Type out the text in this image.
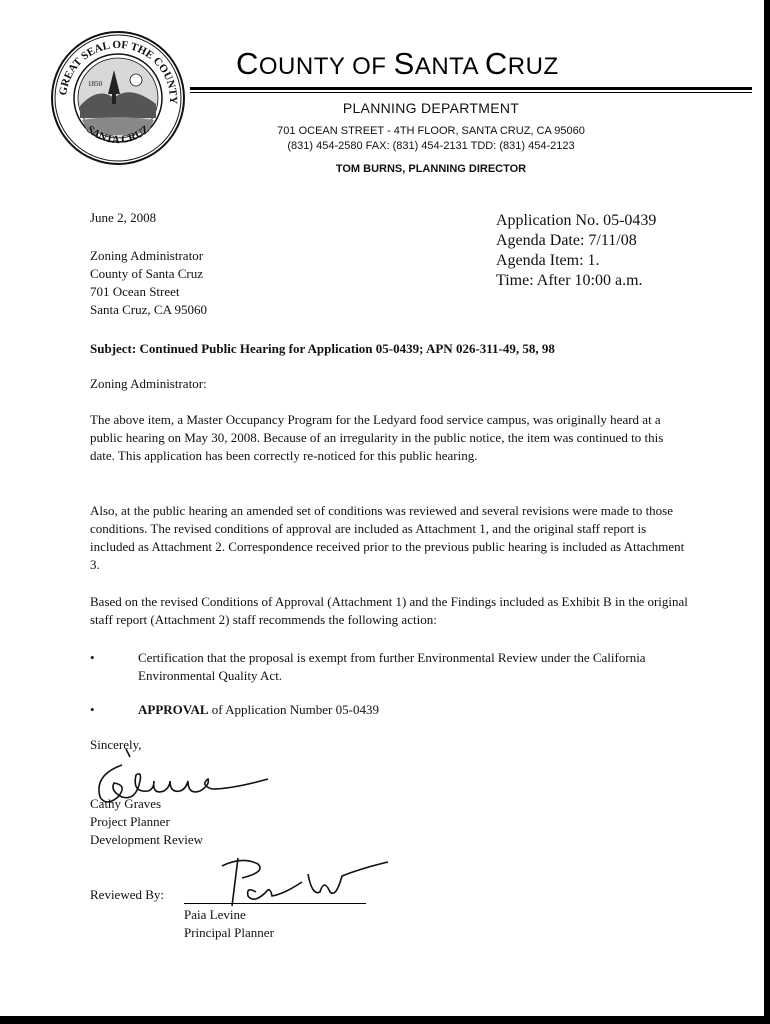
1850
GREAT SEAL OF THE COUNTY
SANTA CRUZ
COUNTY OF SANTA CRUZ
PLANNING DEPARTMENT
701 OCEAN STREET - 4TH FLOOR, SANTA CRUZ, CA 95060
(831) 454-2580 FAX: (831) 454-2131 TDD: (831) 454-2123
TOM BURNS, PLANNING DIRECTOR
June 2, 2008
Zoning Administrator
County of Santa Cruz
701 Ocean Street
Santa Cruz, CA 95060
Application No. 05-0439
Agenda Date: 7/11/08
Agenda Item: 1.
Time: After 10:00 a.m.
Subject: Continued Public Hearing for Application 05-0439; APN 026-311-49, 58, 98
Zoning Administrator:

The above item, a Master Occupancy Program for the Ledyard food service campus, was originally heard at a public hearing on May 30, 2008. Because of an irregularity in the public notice, the item was continued to this date. This application has been correctly re-noticed for this public hearing.

Also, at the public hearing an amended set of conditions was reviewed and several revisions were made to those conditions. The revised conditions of approval are included as Attachment 1, and the original staff report is included as Attachment 2. Correspondence received prior to the previous public hearing is included as Attachment 3.

Based on the revised Conditions of Approval (Attachment 1) and the Findings included as Exhibit B in the original staff report (Attachment 2) staff recommends the following action:

•	Certification that the proposal is exempt from further Environmental Review under the California Environmental Quality Act.
•	APPROVAL of Application Number 05-0439
Sincerely,
Cathy Graves
Project Planner
Development Review
Reviewed By:
Paia Levine
Principal Planner
